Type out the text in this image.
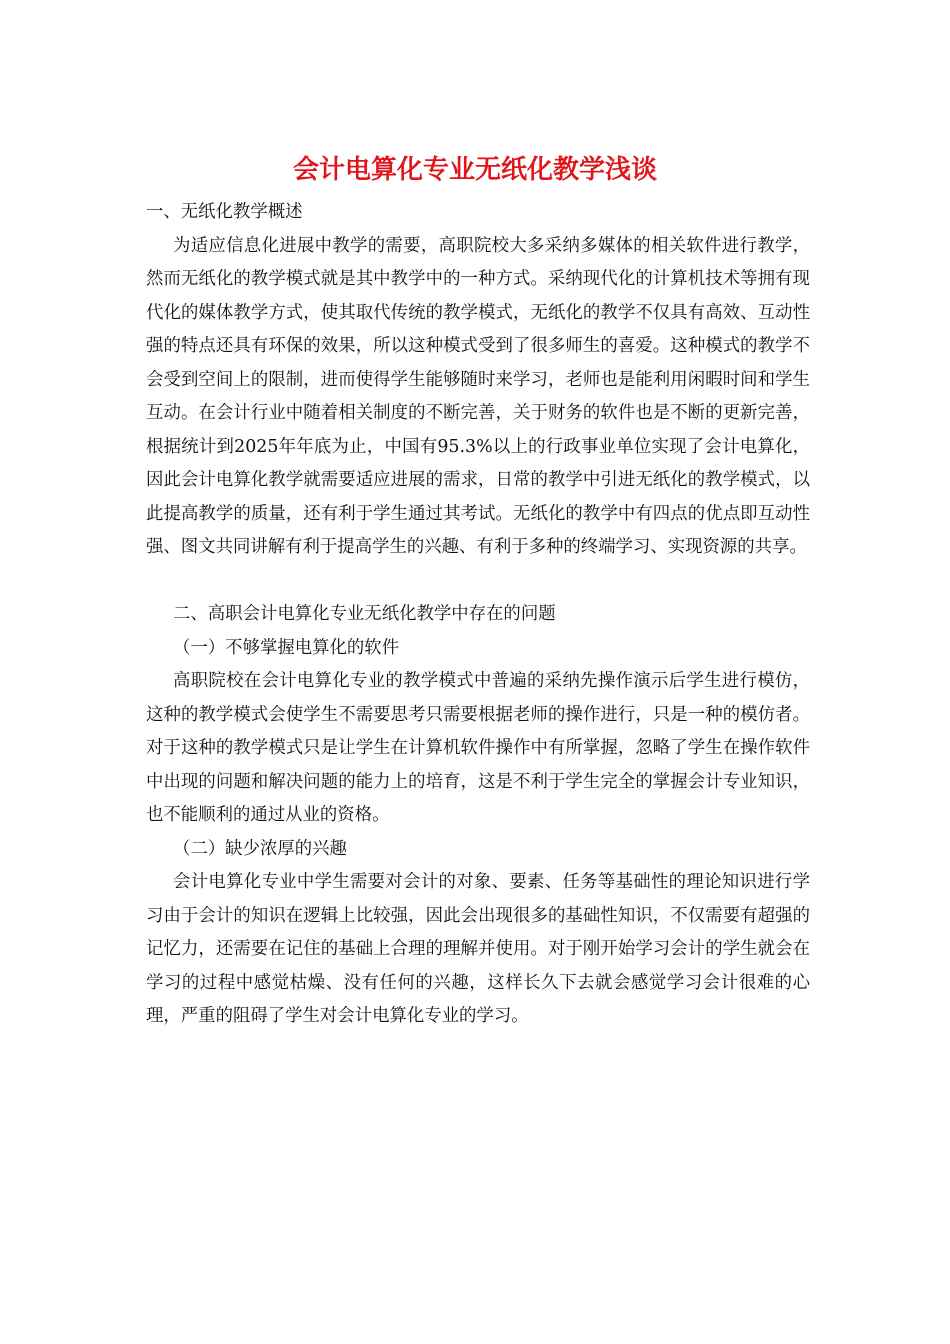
会计电算化专业无纸化教学浅谈

一、无纸化教学概述

为适应信息化进展中教学的需要，高职院校大多采纳多媒体的相关软件进行教学，然而无纸化的教学模式就是其中教学中的一种方式。采纳现代化的计算机技术等拥有现代化的媒体教学方式，使其取代传统的教学模式，无纸化的教学不仅具有高效、互动性强的特点还具有环保的效果，所以这种模式受到了很多师生的喜爱。这种模式的教学不会受到空间上的限制，进而使得学生能够随时来学习，老师也是能利用闲暇时间和学生互动。在会计行业中随着相关制度的不断完善，关于财务的软件也是不断的更新完善，根据统计到2025年年底为止，中国有95.3%以上的行政事业单位实现了会计电算化，因此会计电算化教学就需要适应进展的需求，日常的教学中引进无纸化的教学模式，以此提高教学的质量，还有利于学生通过其考试。无纸化的教学中有四点的优点即互动性强、图文共同讲解有利于提高学生的兴趣、有利于多种的终端学习、实现资源的共享。

二、高职会计电算化专业无纸化教学中存在的问题

（一）不够掌握电算化的软件

高职院校在会计电算化专业的教学模式中普遍的采纳先操作演示后学生进行模仿，这种的教学模式会使学生不需要思考只需要根据老师的操作进行，只是一种的模仿者。对于这种的教学模式只是让学生在计算机软件操作中有所掌握，忽略了学生在操作软件中出现的问题和解决问题的能力上的培育，这是不利于学生完全的掌握会计专业知识，也不能顺利的通过从业的资格。

（二）缺少浓厚的兴趣

会计电算化专业中学生需要对会计的对象、要素、任务等基础性的理论知识进行学习由于会计的知识在逻辑上比较强，因此会出现很多的基础性知识，不仅需要有超强的记忆力，还需要在记住的基础上合理的理解并使用。对于刚开始学习会计的学生就会在学习的过程中感觉枯燥、没有任何的兴趣，这样长久下去就会感觉学习会计很难的心理，严重的阻碍了学生对会计电算化专业的学习。
